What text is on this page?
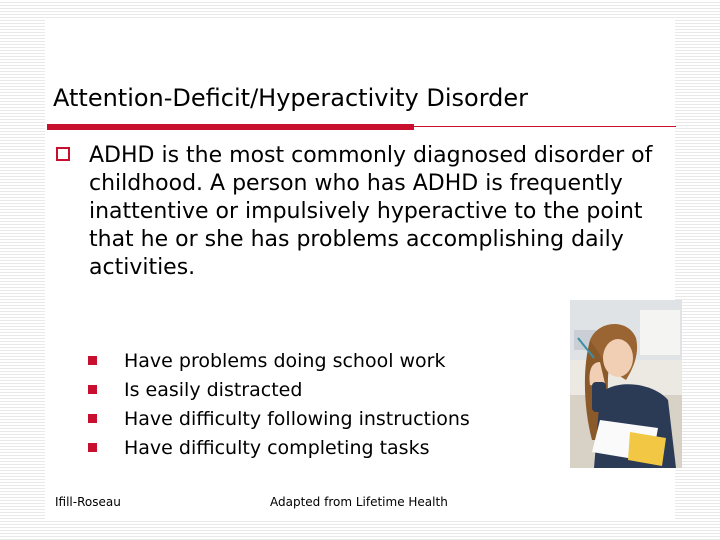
Attention-Deficit/Hyperactivity Disorder
ADHD is the most commonly diagnosed disorder of childhood. A person who has ADHD is frequently inattentive or impulsively hyperactive to the point that he or she has problems accomplishing daily activities.
Have problems doing school work
Is easily distracted
Have difficulty following instructions
Have difficulty completing tasks
Ifill-Roseau	Adapted from Lifetime Health
